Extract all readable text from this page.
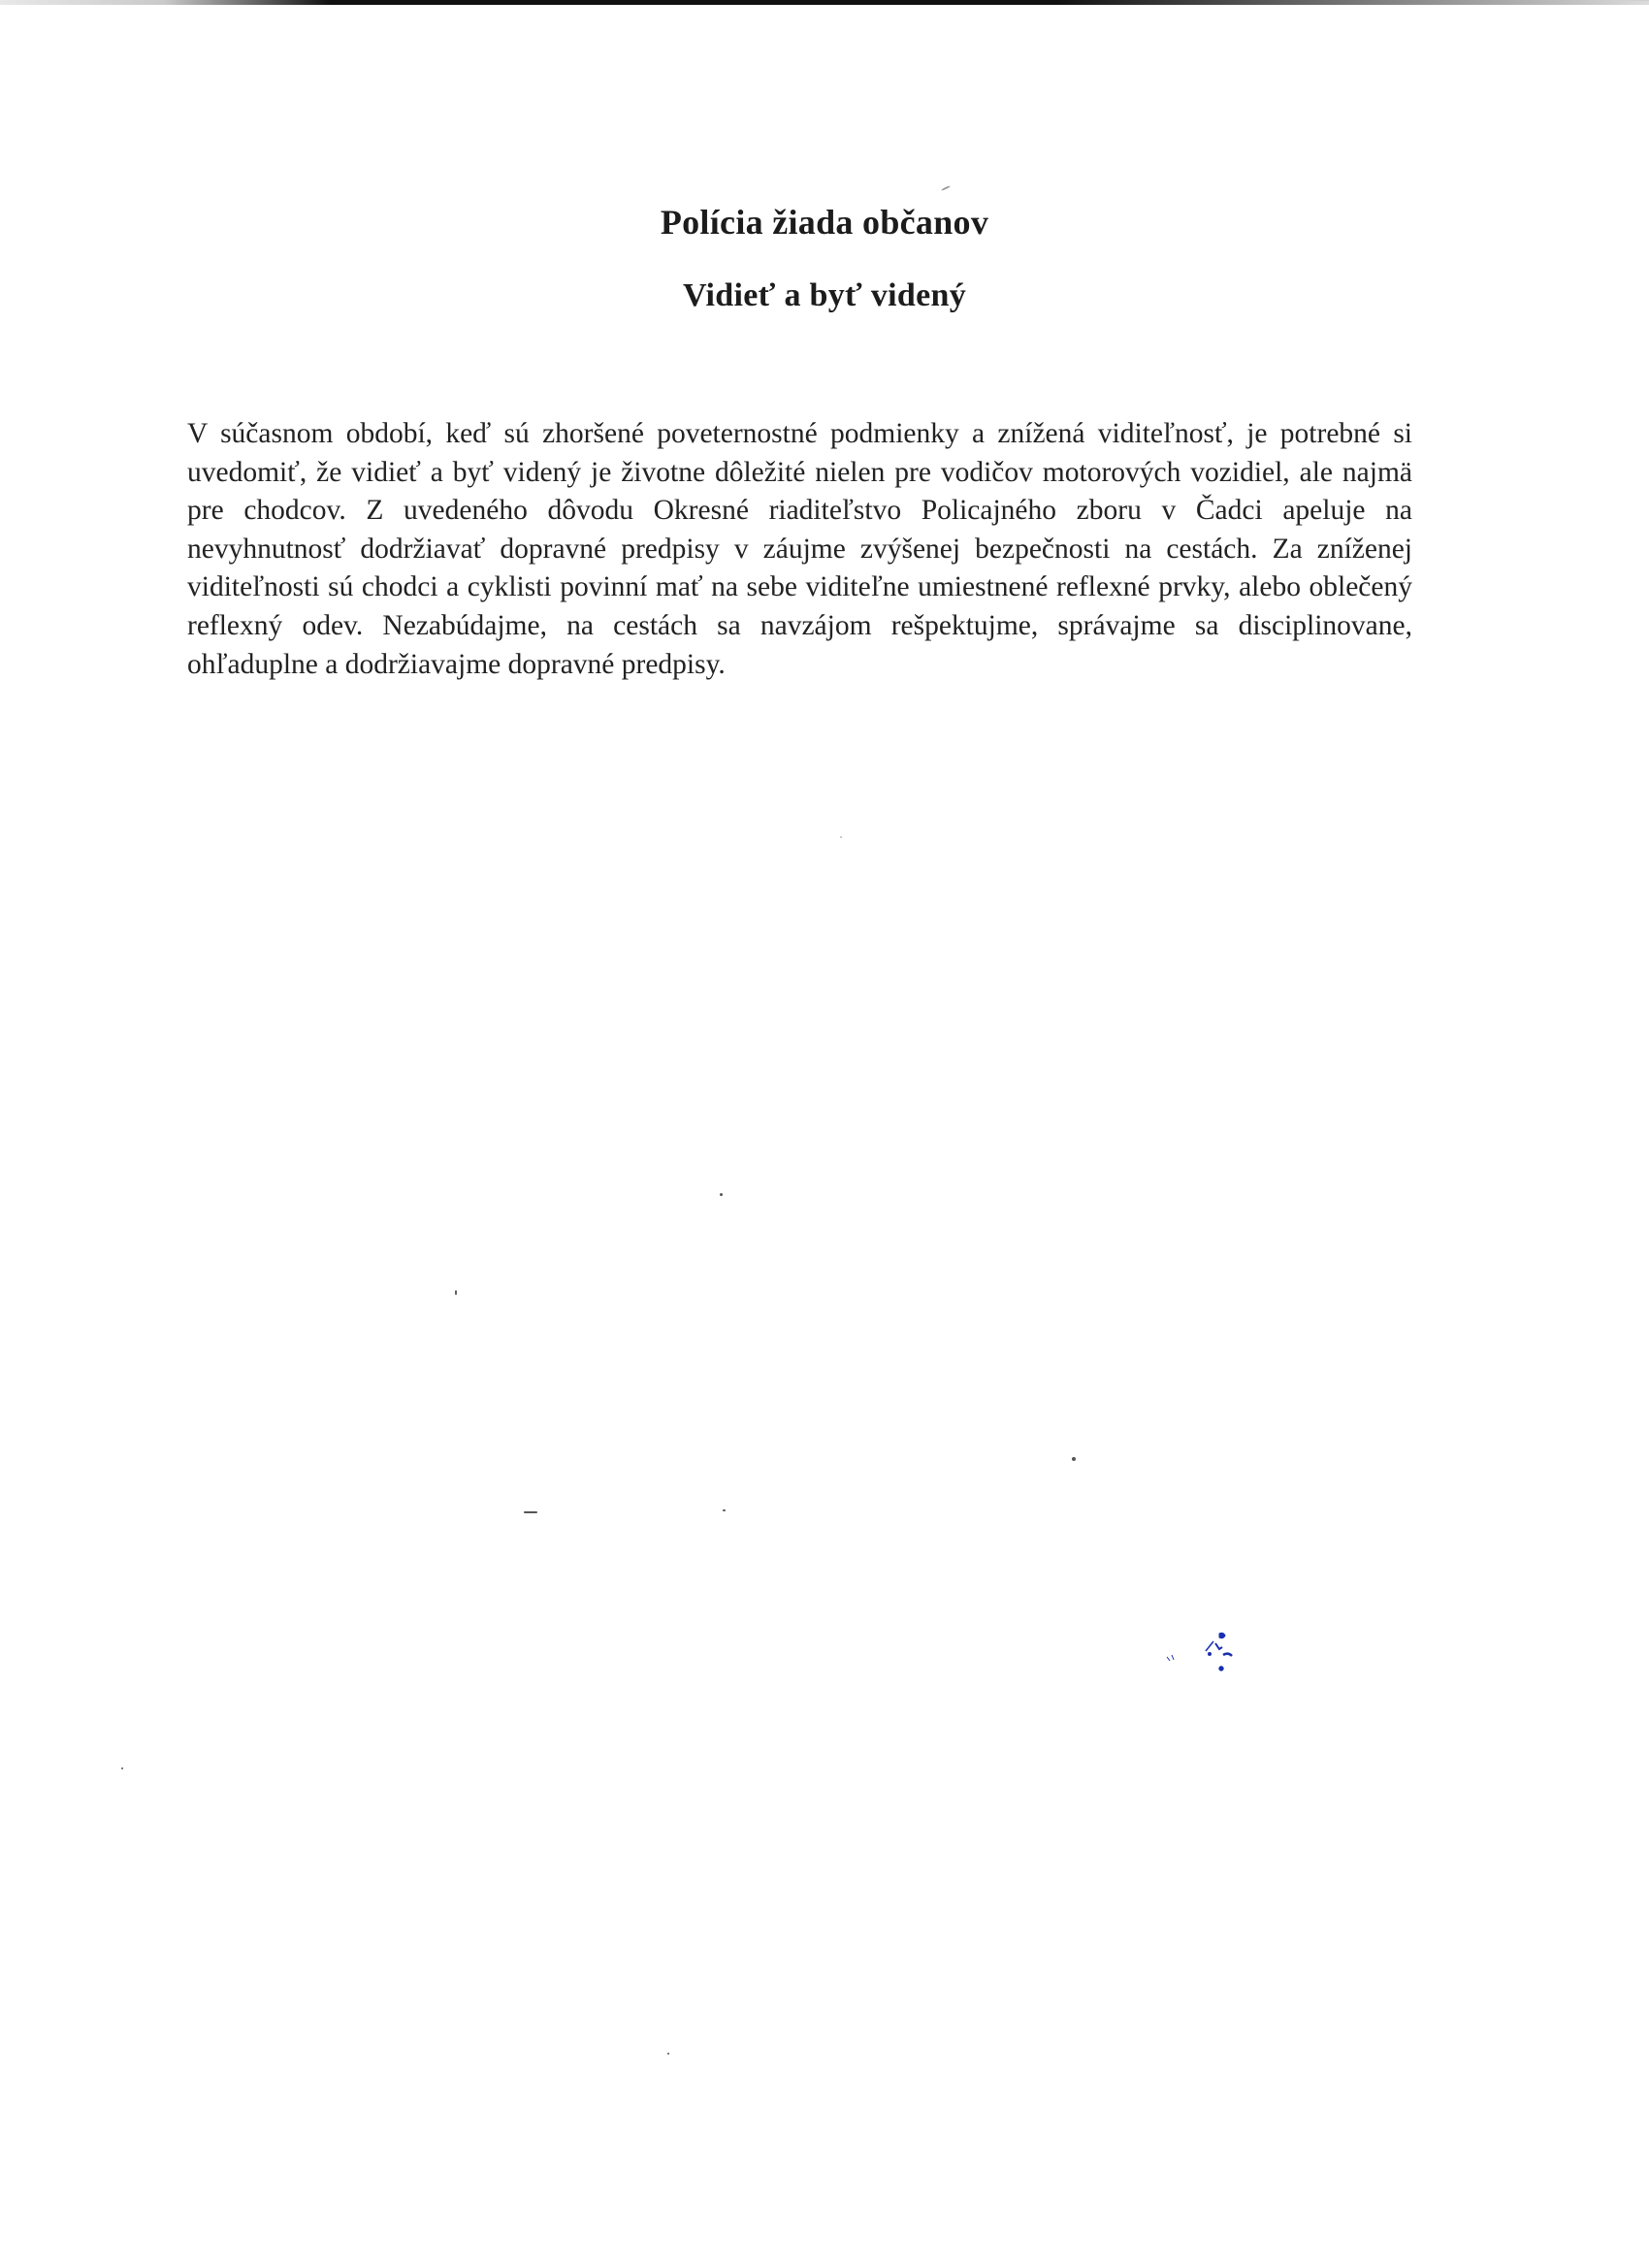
Polícia žiada občanov
Vidieť a byť videný

V súčasnom období, keď sú zhoršené poveternostné podmienky a znížená viditeľnosť, je potrebné si uvedomiť, že vidieť a byť videný je životne dôležité nielen pre vodičov motorových vozidiel, ale najmä pre chodcov. Z uvedeného dôvodu Okresné riaditeľstvo Policajného zboru v Čadci apeluje na nevyhnutnosť dodržiavať dopravné predpisy v záujme zvýšenej bezpečnosti na cestách. Za zníženej viditeľnosti sú chodci a cyklisti povinní mať na sebe viditeľne umiestnené reflexné prvky, alebo oblečený reflexný odev. Nezabúdajme, na cestách sa navzájom rešpektujme, správajme sa disciplinovane, ohľaduplne a dodržiavajme dopravné predpisy.
